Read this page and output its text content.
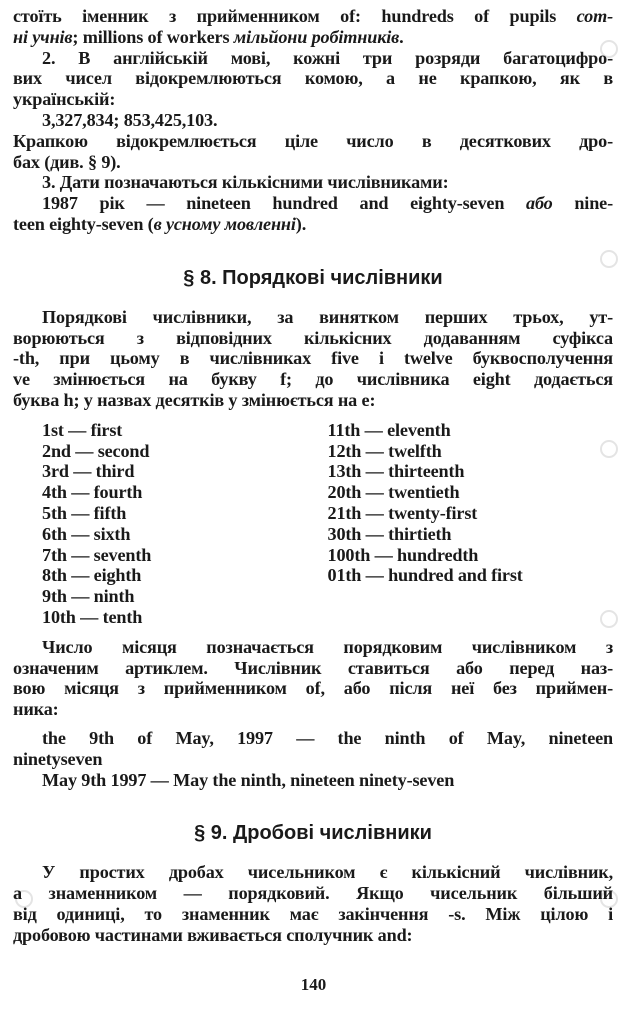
стоїть іменник з прийменником of: hundreds of pupils сот-
ні учнів; millions of workers мільйони робітників.
2. В англійській мові, кожні три розряди багатоцифро-
вих чисел відокремлюються комою, а не крапкою, як в
українській:
3,327,834; 853,425,103.
Крапкою відокремлюється ціле число в десяткових дро-
бах (див. § 9).
3. Дати позначаються кількісними числівниками:
1987 рік — nineteen hundred and eighty-seven або nine-
teen eighty-seven (в усному мовленні).
§ 8. Порядкові числівники
Порядкові числівники, за винятком перших трьох, ут-
ворюються з відповідних кількісних додаванням суфікса
-th, при цьому в числівниках five і twelve буквосполучення
ve змінюється на букву f; до числівника eight додається
буква h; у назвах десятків у змінюється на е:
1st — first
2nd — second
3rd — third
4th — fourth
5th — fifth
6th — sixth
7th — seventh
8th — eighth
9th — ninth
10th — tenth
11th — eleventh
12th — twelfth
13th — thirteenth
20th — twentieth
21th — twenty-first
30th — thirtieth
100th — hundredth
01th — hundred and first
Число місяця позначається порядковим числівником з
означеним артиклем. Числівник ставиться або перед наз-
вою місяця з прийменником of, або після неї без приймен-
ника:
the 9th of May, 1997 — the ninth of May, nineteen
ninetyseven
May 9th 1997 — May the ninth, nineteen ninety-seven
§ 9. Дробові числівники
У простих дробах чисельником є кількісний числівник,
а знаменником — порядковий. Якщо чисельник більший
від одиниці, то знаменник має закінчення -s. Між цілою і
дробовою частинами вживається сполучник and:
140
